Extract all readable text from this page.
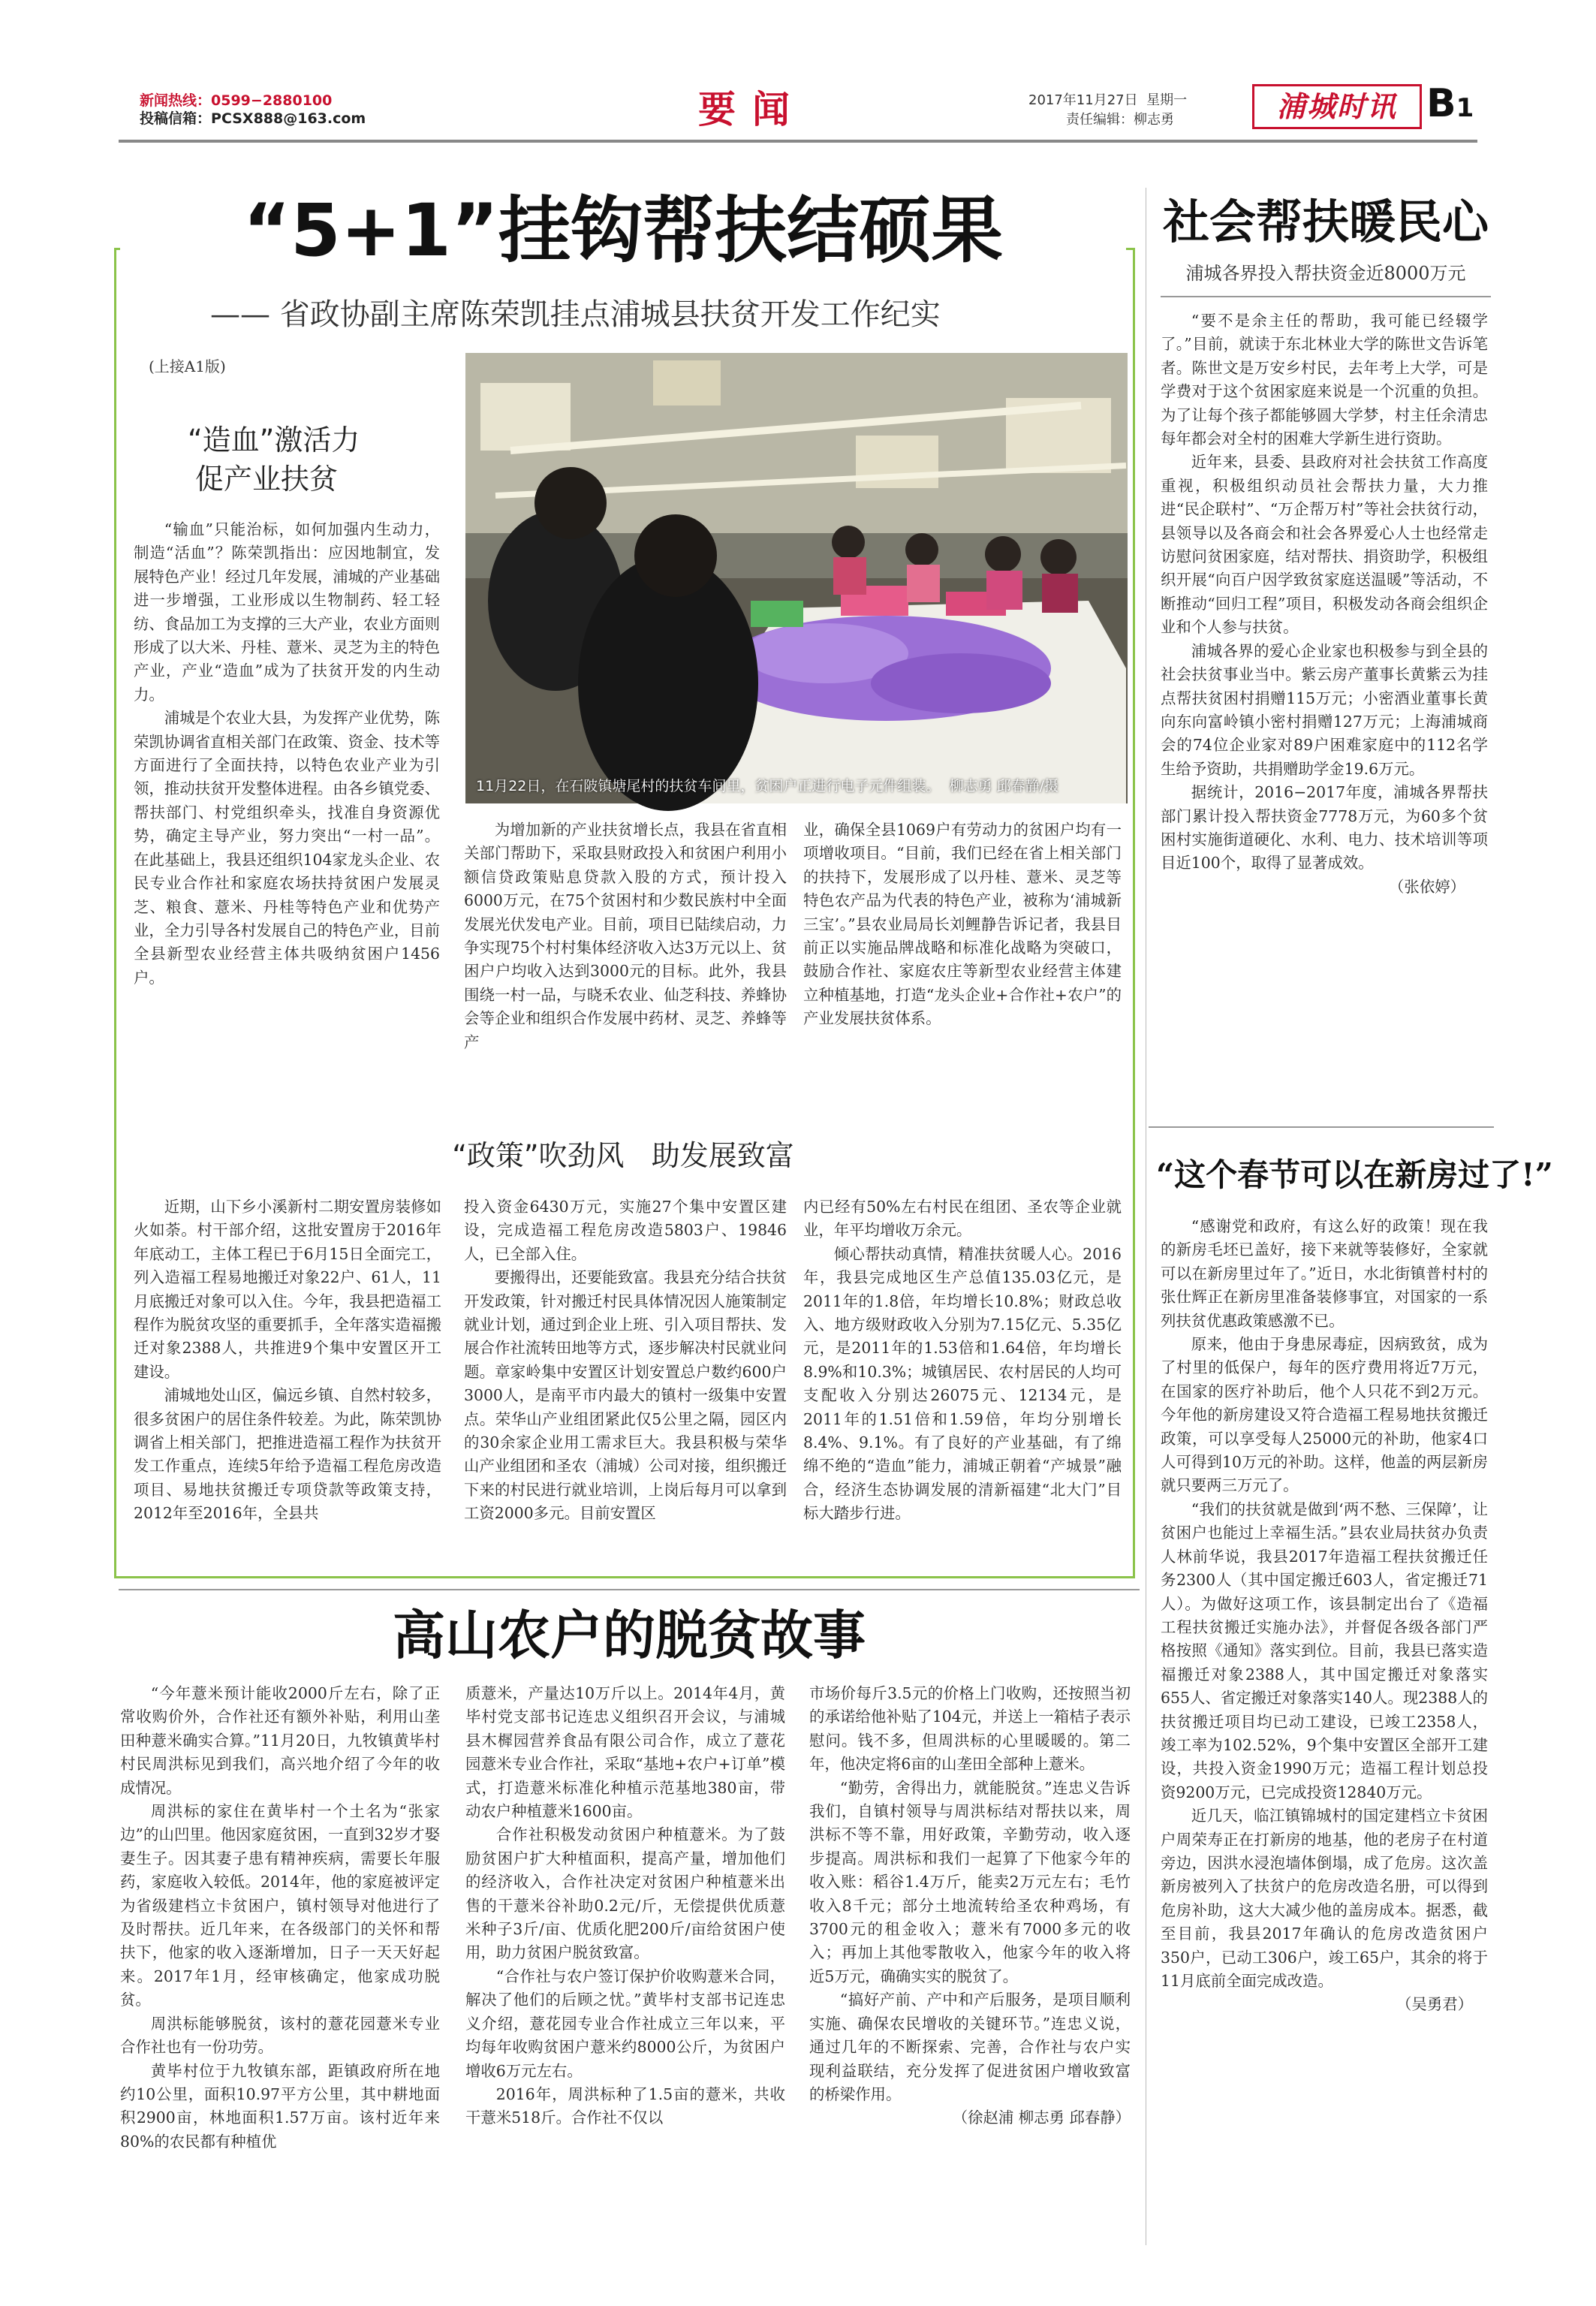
新闻热线：0599−2880100
投稿信箱：PCSX888@163.com	要闻	2017年11月27日 星期一
责任编辑：柳志勇	浦城时讯 B1
“5+1”挂钩帮扶结硕果
—— 省政协副主席陈荣凯挂点浦城县扶贫开发工作纪实
(上接A1版)
“造血”激活力
促产业扶贫

“输血”只能治标，如何加强内生动力，制造“活血”？陈荣凯指出：应因地制宜，发展特色产业！经过几年发展，浦城的产业基础进一步增强，工业形成以生物制药、轻工轻纺、食品加工为支撑的三大产业，农业方面则形成了以大米、丹桂、薏米、灵芝为主的特色产业，产业“造血”成为了扶贫开发的内生动力。

浦城是个农业大县，为发挥产业优势，陈荣凯协调省直相关部门在政策、资金、技术等方面进行了全面扶持，以特色农业产业为引领，推动扶贫开发整体进程。由各乡镇党委、帮扶部门、村党组织牵头，找准自身资源优势，确定主导产业，努力突出“一村一品”。在此基础上，我县还组织104家龙头企业、农民专业合作社和家庭农场扶持贫困户发展灵芝、粮食、薏米、丹桂等特色产业和优势产业，全力引导各村发展自己的特色产业，目前全县新型农业经营主体共吸纳贫困户1456户。

11月22日，在石陂镇塘尾村的扶贫车间里，贫困户正进行电子元件组装。 柳志勇 邱春静/摄

为增加新的产业扶贫增长点，我县在省直相关部门帮助下，采取县财政投入和贫困户利用小额信贷政策贴息贷款入股的方式，预计投入6000万元，在75个贫困村和少数民族村中全面发展光伏发电产业。目前，项目已陆续启动，力争实现75个村村集体经济收入达3万元以上、贫困户户均收入达到3000元的目标。此外，我县围绕一村一品，与晓禾农业、仙芝科技、养蜂协会等企业和组织合作发展中药材、灵芝、养蜂等产

业，确保全县1069户有劳动力的贫困户均有一项增收项目。“目前，我们已经在省上相关部门的扶持下，发展形成了以丹桂、薏米、灵芝等特色农产品为代表的特色产业，被称为‘浦城新三宝’。”县农业局局长刘鲤静告诉记者，我县目前正以实施品牌战略和标准化战略为突破口，鼓励合作社、家庭农庄等新型农业经营主体建立种植基地，打造“龙头企业+合作社+农户”的产业发展扶贫体系。

“政策”吹劲风   助发展致富

近期，山下乡小溪新村二期安置房装修如火如荼。村干部介绍，这批安置房于2016年年底动工，主体工程已于6月15日全面完工，列入造福工程易地搬迁对象22户、61人，11月底搬迁对象可以入住。今年，我县把造福工程作为脱贫攻坚的重要抓手，全年落实造福搬迁对象2388人，共推进9个集中安置区开工建设。

浦城地处山区，偏远乡镇、自然村较多，很多贫困户的居住条件较差。为此，陈荣凯协调省上相关部门，把推进造福工程作为扶贫开发工作重点，连续5年给予造福工程危房改造项目、易地扶贫搬迁专项贷款等政策支持，2012年至2016年，全县共

投入资金6430万元，实施27个集中安置区建设，完成造福工程危房改造5803户、19846人，已全部入住。

要搬得出，还要能致富。我县充分结合扶贫开发政策，针对搬迁村民具体情况因人施策制定就业计划，通过到企业上班、引入项目帮扶、发展合作社流转田地等方式，逐步解决村民就业问题。章家岭集中安置区计划安置总户数约600户3000人，是南平市内最大的镇村一级集中安置点。荣华山产业组团紧此仅5公里之隔，园区内的30余家企业用工需求巨大。我县积极与荣华山产业组团和圣农（浦城）公司对接，组织搬迁下来的村民进行就业培训，上岗后每月可以拿到工资2000多元。目前安置区

内已经有50%左右村民在组团、圣农等企业就业，年平均增收万余元。

倾心帮扶动真情，精准扶贫暖人心。2016年，我县完成地区生产总值135.03亿元，是2011年的1.8倍，年均增长10.8%；财政总收入、地方级财政收入分别为7.15亿元、5.35亿元，是2011年的1.53倍和1.64倍，年均增长8.9%和10.3%；城镇居民、农村居民的人均可支配收入分别达26075元、12134元，是2011年的1.51倍和1.59倍，年均分别增长8.4%、9.1%。有了良好的产业基础，有了绵绵不绝的“造血”能力，浦城正朝着“产城景”融合，经济生态协调发展的清新福建“北大门”目标大踏步行进。

社会帮扶暖民心
浦城各界投入帮扶资金近8000万元

“要不是余主任的帮助，我可能已经辍学了。”目前，就读于东北林业大学的陈世文告诉笔者。陈世文是万安乡村民，去年考上大学，可是学费对于这个贫困家庭来说是一个沉重的负担。为了让每个孩子都能够圆大学梦，村主任余清忠每年都会对全村的困难大学新生进行资助。

近年来，县委、县政府对社会扶贫工作高度重视，积极组织动员社会帮扶力量，大力推进“民企联村”、“万企帮万村”等社会扶贫行动，县领导以及各商会和社会各界爱心人士也经常走访慰问贫困家庭，结对帮扶、捐资助学，积极组织开展“向百户因学致贫家庭送温暖”等活动，不断推动“回归工程”项目，积极发动各商会组织企业和个人参与扶贫。

浦城各界的爱心企业家也积极参与到全县的社会扶贫事业当中。紫云房产董事长黄紫云为挂点帮扶贫困村捐赠115万元；小密酒业董事长黄向东向富岭镇小密村捐赠127万元；上海浦城商会的74位企业家对89户困难家庭中的112名学生给予资助，共捐赠助学金19.6万元。

据统计，2016−2017年度，浦城各界帮扶部门累计投入帮扶资金7778万元，为60多个贫困村实施街道硬化、水利、电力、技术培训等项目近100个，取得了显著成效。

（张依婷）

“这个春节可以在新房过了!”

“感谢党和政府，有这么好的政策！现在我的新房毛坯已盖好，接下来就等装修好，全家就可以在新房里过年了。”近日，水北街镇普村村的张仕辉正在新房里准备装修事宜，对国家的一系列扶贫优惠政策感激不已。

原来，他由于身患尿毒症，因病致贫，成为了村里的低保户，每年的医疗费用将近7万元，在国家的医疗补助后，他个人只花不到2万元。今年他的新房建设又符合造福工程易地扶贫搬迁政策，可以享受每人25000元的补助，他家4口人可得到10万元的补助。这样，他盖的两层新房就只要两三万元了。

“我们的扶贫就是做到‘两不愁、三保障’，让贫困户也能过上幸福生活。”县农业局扶贫办负责人林前华说，我县2017年造福工程扶贫搬迁任务2300人（其中国定搬迁603人，省定搬迁71人）。为做好这项工作，该县制定出台了《造福工程扶贫搬迁实施办法》，并督促各级各部门严格按照《通知》落实到位。目前，我县已落实造福搬迁对象2388人，其中国定搬迁对象落实655人、省定搬迁对象落实140人。现2388人的扶贫搬迁项目均已动工建设，已竣工2358人，竣工率为102.52%，9个集中安置区全部开工建设，共投入资金1990万元；造福工程计划总投资9200万元，已完成投资12840万元。

近几天，临江镇锦城村的国定建档立卡贫困户周荣寿正在打新房的地基，他的老房子在村道旁边，因洪水浸泡墙体倒塌，成了危房。这次盖新房被列入了扶贫户的危房改造名册，可以得到危房补助，这大大减少他的盖房成本。据悉，截至目前，我县2017年确认的危房改造贫困户350户，已动工306户，竣工65户，其余的将于11月底前全面完成改造。

（吴勇君）

高山农户的脱贫故事

“今年薏米预计能收2000斤左右，除了正常收购价外，合作社还有额外补贴，利用山垄田种薏米确实合算。”11月20日，九牧镇黄毕村村民周洪标见到我们，高兴地介绍了今年的收成情况。

周洪标的家住在黄毕村一个土名为“张家边”的山凹里。他因家庭贫困，一直到32岁才娶妻生子。因其妻子患有精神疾病，需要长年服药，家庭收入较低。2014年，他的家庭被评定为省级建档立卡贫困户，镇村领导对他进行了及时帮扶。近几年来，在各级部门的关怀和帮扶下，他家的收入逐渐增加，日子一天天好起来。2017年1月，经审核确定，他家成功脱贫。

周洪标能够脱贫，该村的薏花园薏米专业合作社也有一份功劳。

黄毕村位于九牧镇东部，距镇政府所在地约10公里，面积10.97平方公里，其中耕地面积2900亩，林地面积1.57万亩。该村近年来80%的农民都有种植优

质薏米，产量达10万斤以上。2014年4月，黄毕村党支部书记连忠义组织召开会议，与浦城县木樨园营养食品有限公司合作，成立了薏花园薏米专业合作社，采取“基地+农户+订单”模式，打造薏米标准化种植示范基地380亩，带动农户种植薏米1600亩。

合作社积极发动贫困户种植薏米。为了鼓励贫困户扩大种植面积，提高产量，增加他们的经济收入，合作社决定对贫困户种植薏米出售的干薏米谷补助0.2元/斤，无偿提供优质薏米种子3斤/亩、优质化肥200斤/亩给贫困户使用，助力贫困户脱贫致富。

“合作社与农户签订保护价收购薏米合同，解决了他们的后顾之忧。”黄毕村支部书记连忠义介绍，薏花园专业合作社成立三年以来，平均每年收购贫困户薏米约8000公斤，为贫困户增收6万元左右。

2016年，周洪标种了1.5亩的薏米，共收干薏米518斤。合作社不仅以

市场价每斤3.5元的价格上门收购，还按照当初的承诺给他补贴了104元，并送上一箱桔子表示慰问。钱不多，但周洪标的心里暖暖的。第二年，他决定将6亩的山垄田全部种上薏米。

“勤劳，舍得出力，就能脱贫。”连忠义告诉我们，自镇村领导与周洪标结对帮扶以来，周洪标不等不靠，用好政策，辛勤劳动，收入逐步提高。周洪标和我们一起算了下他家今年的收入账：稻谷1.4万斤，能卖2万元左右；毛竹收入8千元；部分土地流转给圣农种鸡场，有3700元的租金收入；薏米有7000多元的收入；再加上其他零散收入，他家今年的收入将近5万元，确确实实的脱贫了。

“搞好产前、产中和产后服务，是项目顺利实施、确保农民增收的关键环节。”连忠义说，通过几年的不断探索、完善，合作社与农户实现利益联结，充分发挥了促进贫困户增收致富的桥梁作用。

（徐赵浦 柳志勇 邱春静）
